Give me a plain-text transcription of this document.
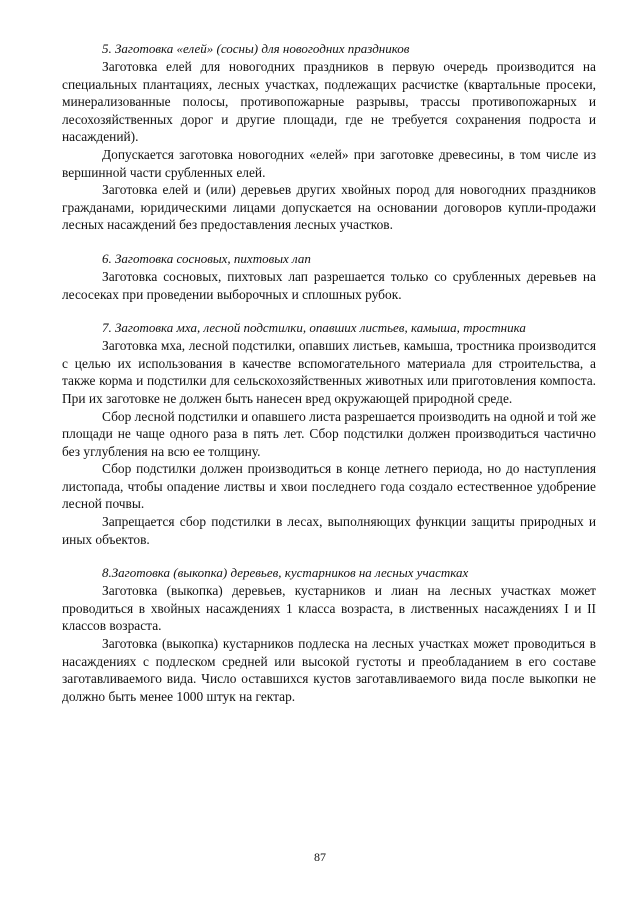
5. Заготовка «елей» (сосны) для новогодних праздников

Заготовка елей для новогодних праздников в первую очередь производится на специальных плантациях, лесных участках, подлежащих расчистке (квартальные просеки, минерализованные полосы, противопожарные разрывы, трассы противопожарных и лесохозяйственных дорог и другие площади, где не требуется сохранения подроста и насаждений).

Допускается заготовка новогодних «елей» при заготовке древесины, в том числе из вершинной части срубленных елей.

Заготовка елей и (или) деревьев других хвойных пород для новогодних праздников гражданами, юридическими лицами допускается на основании договоров купли-продажи лесных насаждений без предоставления лесных участков.

6. Заготовка сосновых, пихтовых лап

Заготовка сосновых, пихтовых лап разрешается только со срубленных деревьев на лесосеках при проведении выборочных и сплошных рубок.

7. Заготовка мха, лесной подстилки, опавших листьев, камыша, тростника

Заготовка мха, лесной подстилки, опавших листьев, камыша, тростника производится с целью их использования в качестве вспомогательного материала для строительства, а также корма и подстилки для сельскохозяйственных животных или приготовления компоста. При их заготовке не должен быть нанесен вред окружающей природной среде.

Сбор лесной подстилки и опавшего листа разрешается производить на одной и той же площади не чаще одного раза в пять лет. Сбор подстилки должен производиться частично без углубления на всю ее толщину.

Сбор подстилки должен производиться в конце летнего периода, но до наступления листопада, чтобы опадение листвы и хвои последнего года создало естественное удобрение лесной почвы.

Запрещается сбор подстилки в лесах, выполняющих функции защиты природных и иных объектов.

8.Заготовка (выкопка) деревьев, кустарников на лесных участках

Заготовка (выкопка) деревьев, кустарников и лиан на лесных участках может проводиться в хвойных насаждениях 1 класса возраста, в лиственных насаждениях I и II классов возраста.

Заготовка (выкопка) кустарников подлеска на лесных участках может проводиться в насаждениях с подлеском средней или высокой густоты и преобладанием в его составе заготавливаемого вида. Число оставшихся кустов заготавливаемого вида после выкопки не должно быть менее 1000 штук на гектар.

87
